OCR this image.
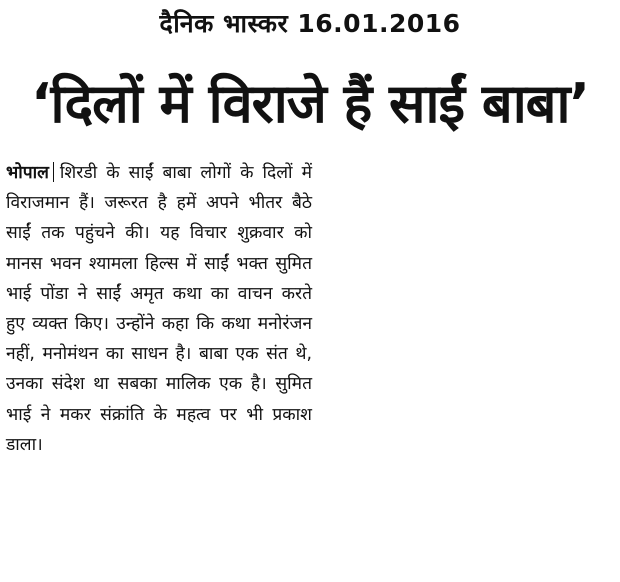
दैनिक भास्कर 16.01.2016
‘दिलों में विराजे हैं साईं बाबा’
भोपाल शिरडी के साईं बाबा लोगों के दिलों में विराजमान हैं। जरूरत है हमें अपने भीतर बैठे साईं तक पहुंचने की। यह विचार शुक्रवार को मानस भवन श्यामला हिल्स में साईं भक्त सुमित भाई पोंडा ने साईं अमृत कथा का वाचन करते हुए व्यक्त किए। उन्होंने कहा कि कथा मनोरंजन नहीं, मनोमंथन का साधन है। बाबा एक संत थे, उनका संदेश था सबका मालिक एक है। सुमित भाई ने मकर संक्रांति के महत्व पर भी प्रकाश डाला।
